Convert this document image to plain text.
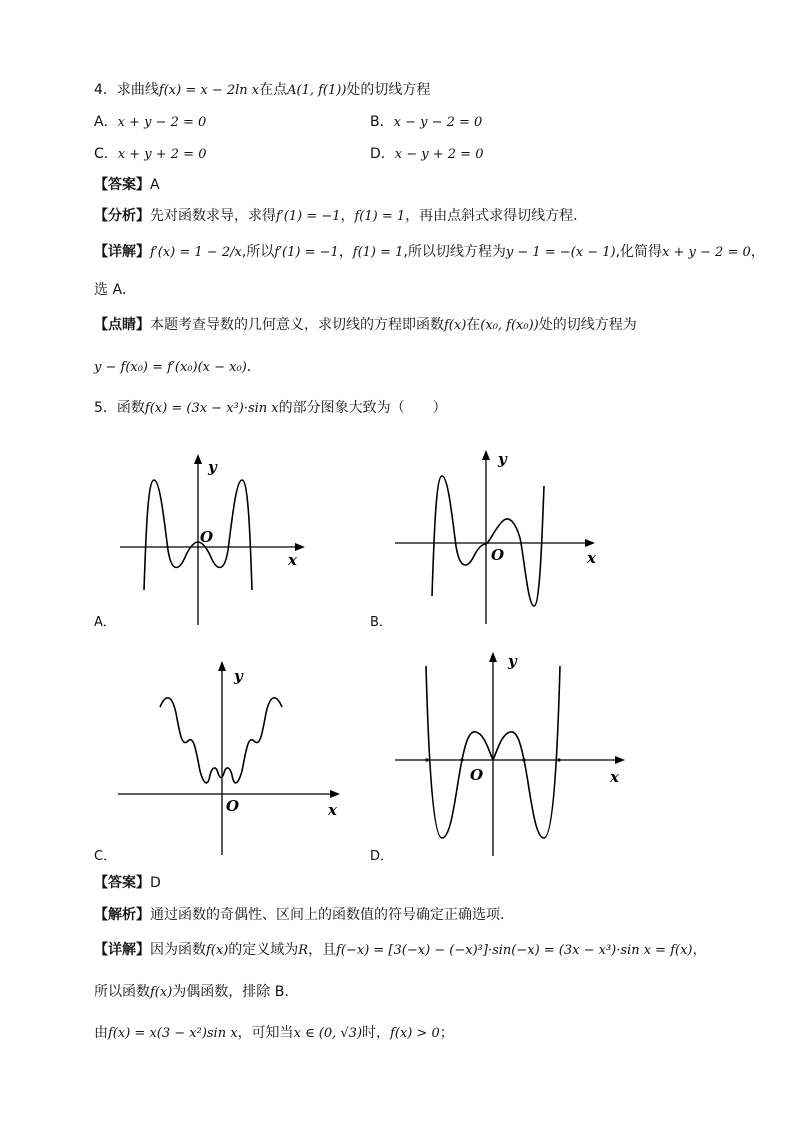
4．求曲线f(x) = x − 2ln x在点A(1, f(1))处的切线方程
A．x + y − 2 = 0	B．x − y − 2 = 0
C．x + y + 2 = 0	D．x − y + 2 = 0
【答案】A
【分析】先对函数求导，求得f′(1) = −1，f(1) = 1，再由点斜式求得切线方程．
【详解】f′(x) = 1 − 2/x,所以f′(1) = −1，f(1) = 1,所以切线方程为y − 1 = −(x − 1),化简得x + y − 2 = 0，
选 A．
【点睛】本题考查导数的几何意义，求切线的方程即函数f(x)在(x₀, f(x₀))处的切线方程为
y − f(x₀) = f′(x₀)(x − x₀)．
5．函数f(x) = (3x − x³)·sin x的部分图象大致为（　　）
x
y
O
A．
x
y
O
B．
x
y
O
C．
x
y
O
D．
【答案】D
【解析】通过函数的奇偶性、区间上的函数值的符号确定正确选项.
【详解】因为函数f(x)的定义域为R，且f(−x) = [3(−x) − (−x)³]·sin(−x) = (3x − x³)·sin x = f(x)，
所以函数f(x)为偶函数，排除 B.
由f(x) = x(3 − x²)sin x，可知当x ∈ (0, √3)时，f(x) > 0；
